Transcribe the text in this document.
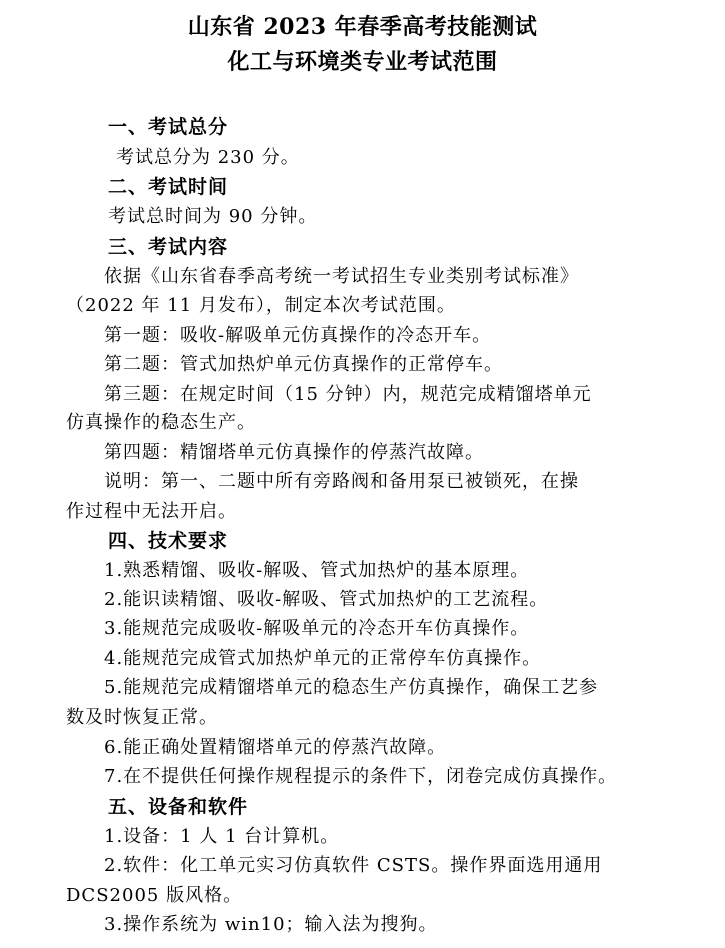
山东省 2023 年春季高考技能测试
化工与环境类专业考试范围
一、考试总分
考试总分为 230 分。
二、考试时间
考试总时间为 90 分钟。
三、考试内容
依据《山东省春季高考统一考试招生专业类别考试标准》
（2022 年 11 月发布），制定本次考试范围。
第一题：吸收-解吸单元仿真操作的冷态开车。
第二题：管式加热炉单元仿真操作的正常停车。
第三题：在规定时间（15 分钟）内，规范完成精馏塔单元
仿真操作的稳态生产。
第四题：精馏塔单元仿真操作的停蒸汽故障。
说明：第一、二题中所有旁路阀和备用泵已被锁死，在操
作过程中无法开启。
四、技术要求
1.熟悉精馏、吸收-解吸、管式加热炉的基本原理。
2.能识读精馏、吸收-解吸、管式加热炉的工艺流程。
3.能规范完成吸收-解吸单元的冷态开车仿真操作。
4.能规范完成管式加热炉单元的正常停车仿真操作。
5.能规范完成精馏塔单元的稳态生产仿真操作，确保工艺参
数及时恢复正常。
6.能正确处置精馏塔单元的停蒸汽故障。
7.在不提供任何操作规程提示的条件下，闭卷完成仿真操作。
五、设备和软件
1.设备：1 人 1 台计算机。
2.软件：化工单元实习仿真软件 CSTS。操作界面选用通用
DCS2005 版风格。
3.操作系统为 win10；输入法为搜狗。
